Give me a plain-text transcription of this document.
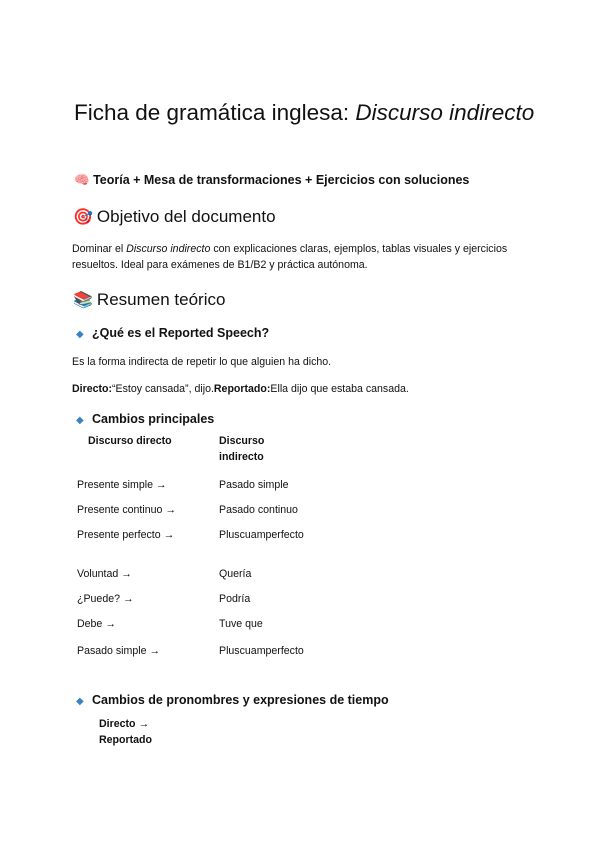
Ficha de gramática inglesa: Discurso indirecto
🧠 Teoría + Mesa de transformaciones + Ejercicios con soluciones
🎯 Objetivo del documento
Dominar el Discurso indirecto con explicaciones claras, ejemplos, tablas visuales y ejercicios resueltos. Ideal para exámenes de B1/B2 y práctica autónoma.
📚 Resumen teórico
◆ ¿Qué es el Reported Speech?
Es la forma indirecta de repetir lo que alguien ha dicho.
Directo:“Estoy cansada”, dijo.Reportado:Ella dijo que estaba cansada.
◆ Cambios principales
Discurso directo	Discurso indirecto
Presente simple →	Pasado simple
Presente continuo →	Pasado continuo
Presente perfecto →	Pluscuamperfecto
Voluntad →	Quería
¿Puede? →	Podría
Debe →	Tuve que
Pasado simple →	Pluscuamperfecto
◆ Cambios de pronombres y expresiones de tiempo
Directo → Reportado
